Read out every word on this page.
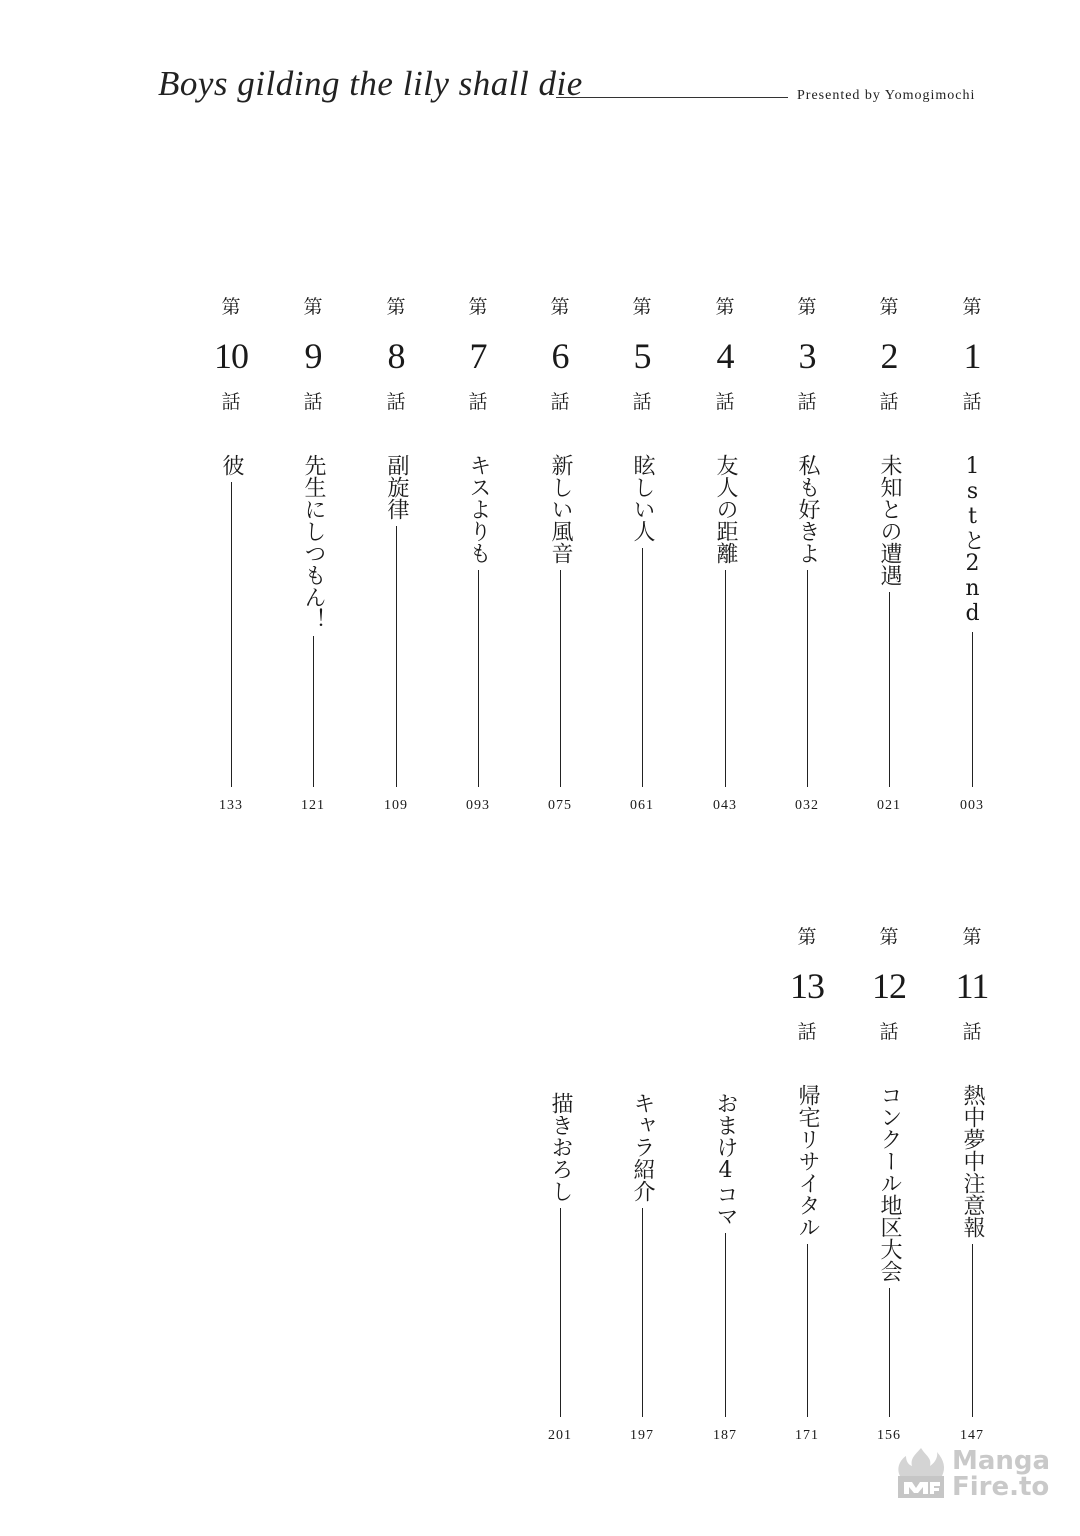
Boys gilding the lily shall die	Presented by Yomogimochi
第
1
話
1stと2nd
003
第
2
話
未知との遭遇
021
第
3
話
私も好きよ
032
第
4
話
友人の距離
043
第
5
話
眩しい人
061
第
6
話
新しい風音
075
第
7
話
キスよりも
093
第
8
話
副旋律
109
第
9
話
先生にしつもん！
121
第
10
話
彼
133
第
11
話
熱中夢中注意報
147
第
12
話
コンクール地区大会
156
第
13
話
帰宅リサイタル
171
おまけ4コマ
187
キャラ紹介
197
描きおろし
201
Manga
Fire.to
